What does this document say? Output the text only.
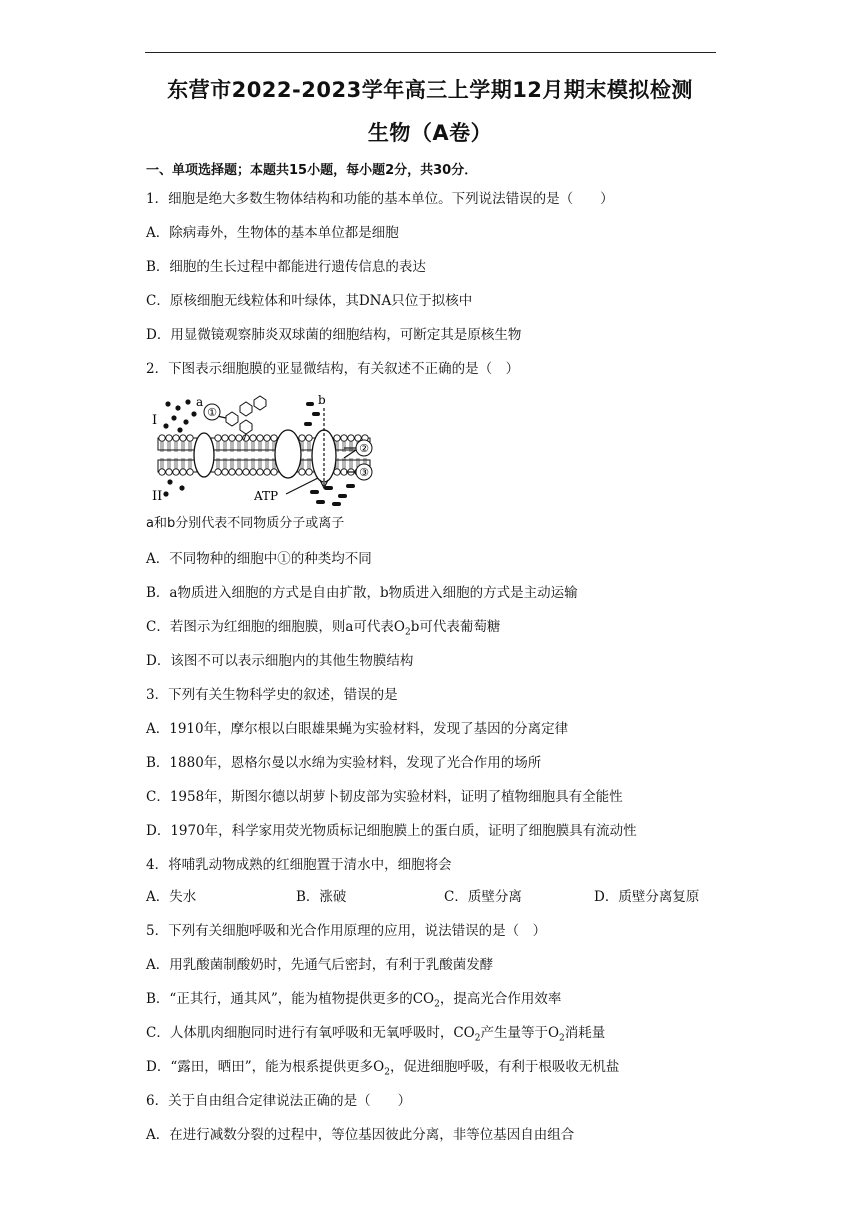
东营市2022-2023学年高三上学期12月期末模拟检测
生物（A卷）
一、单项选择题；本题共15小题，每小题2分，共30分．
1．细胞是绝大多数生物体结构和功能的基本单位。下列说法错误的是（　　）
A．除病毒外，生物体的基本单位都是细胞
B．细胞的生长过程中都能进行遗传信息的表达
C．原核细胞无线粒体和叶绿体，其DNA只位于拟核中
D．用显微镜观察肺炎双球菌的细胞结构，可断定其是原核生物
2．下图表示细胞膜的亚显微结构，有关叙述不正确的是（　）
①
②
③
I
II
a	b
ATP
a和b分别代表不同物质分子或离子
A．不同物种的细胞中①的种类均不同
B．a物质进入细胞的方式是自由扩散，b物质进入细胞的方式是主动运输
C．若图示为红细胞的细胞膜，则a可代表$O_2b$可代表葡萄糖
D．该图不可以表示细胞内的其他生物膜结构
3．下列有关生物科学史的叙述，错误的是
A．1910年，摩尔根以白眼雄果蝇为实验材料，发现了基因的分离定律
B．1880年，恩格尔曼以水绵为实验材料，发现了光合作用的场所
C．1958年，斯图尔德以胡萝卜韧皮部为实验材料，证明了植物细胞具有全能性
D．1970年，科学家用荧光物质标记细胞膜上的蛋白质，证明了细胞膜具有流动性
4．将哺乳动物成熟的红细胞置于清水中，细胞将会
A．失水	B．涨破	C．质壁分离	D．质壁分离复原
5．下列有关细胞呼吸和光合作用原理的应用，说法错误的是（　）
A．用乳酸菌制酸奶时，先通气后密封，有利于乳酸菌发酵
B．“正其行，通其风”，能为植物提供更多的$CO_2$，提高光合作用效率
C．人体肌肉细胞同时进行有氧呼吸和无氧呼吸时，$CO_2$产生量等于$O_2$消耗量
D．“露田，晒田”，能为根系提供更多$O_2$，促进细胞呼吸，有利于根吸收无机盐
6．关于自由组合定律说法正确的是（　　）
A．在进行减数分裂的过程中，等位基因彼此分离，非等位基因自由组合
